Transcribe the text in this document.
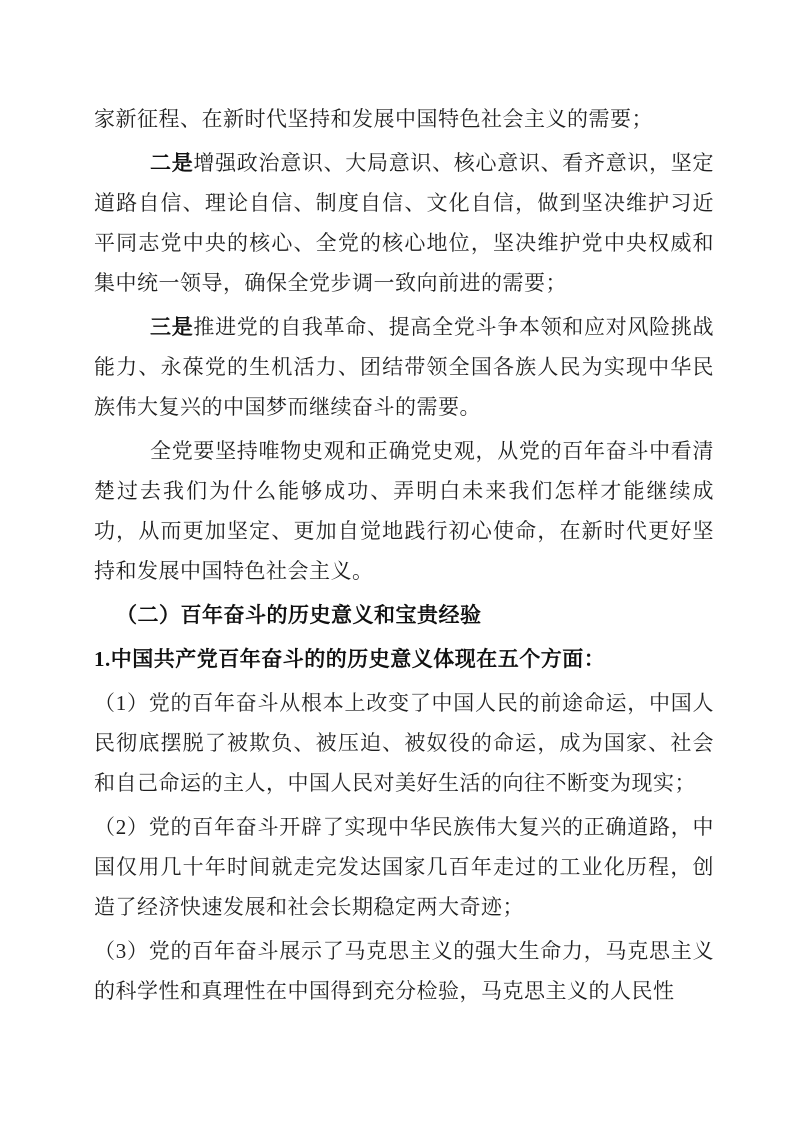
家新征程、在新时代坚持和发展中国特色社会主义的需要；

二是增强政治意识、大局意识、核心意识、看齐意识，坚定道路自信、理论自信、制度自信、文化自信，做到坚决维护习近平同志党中央的核心、全党的核心地位，坚决维护党中央权威和集中统一领导，确保全党步调一致向前进的需要；

三是推进党的自我革命、提高全党斗争本领和应对风险挑战能力、永葆党的生机活力、团结带领全国各族人民为实现中华民族伟大复兴的中国梦而继续奋斗的需要。

全党要坚持唯物史观和正确党史观，从党的百年奋斗中看清楚过去我们为什么能够成功、弄明白未来我们怎样才能继续成功，从而更加坚定、更加自觉地践行初心使命，在新时代更好坚持和发展中国特色社会主义。

（二）百年奋斗的历史意义和宝贵经验
1.中国共产党百年奋斗的的历史意义体现在五个方面：

（1）党的百年奋斗从根本上改变了中国人民的前途命运，中国人民彻底摆脱了被欺负、被压迫、被奴役的命运，成为国家、社会和自己命运的主人，中国人民对美好生活的向往不断变为现实；

（2）党的百年奋斗开辟了实现中华民族伟大复兴的正确道路，中国仅用几十年时间就走完发达国家几百年走过的工业化历程，创造了经济快速发展和社会长期稳定两大奇迹；

（3）党的百年奋斗展示了马克思主义的强大生命力，马克思主义的科学性和真理性在中国得到充分检验，马克思主义的人民性
